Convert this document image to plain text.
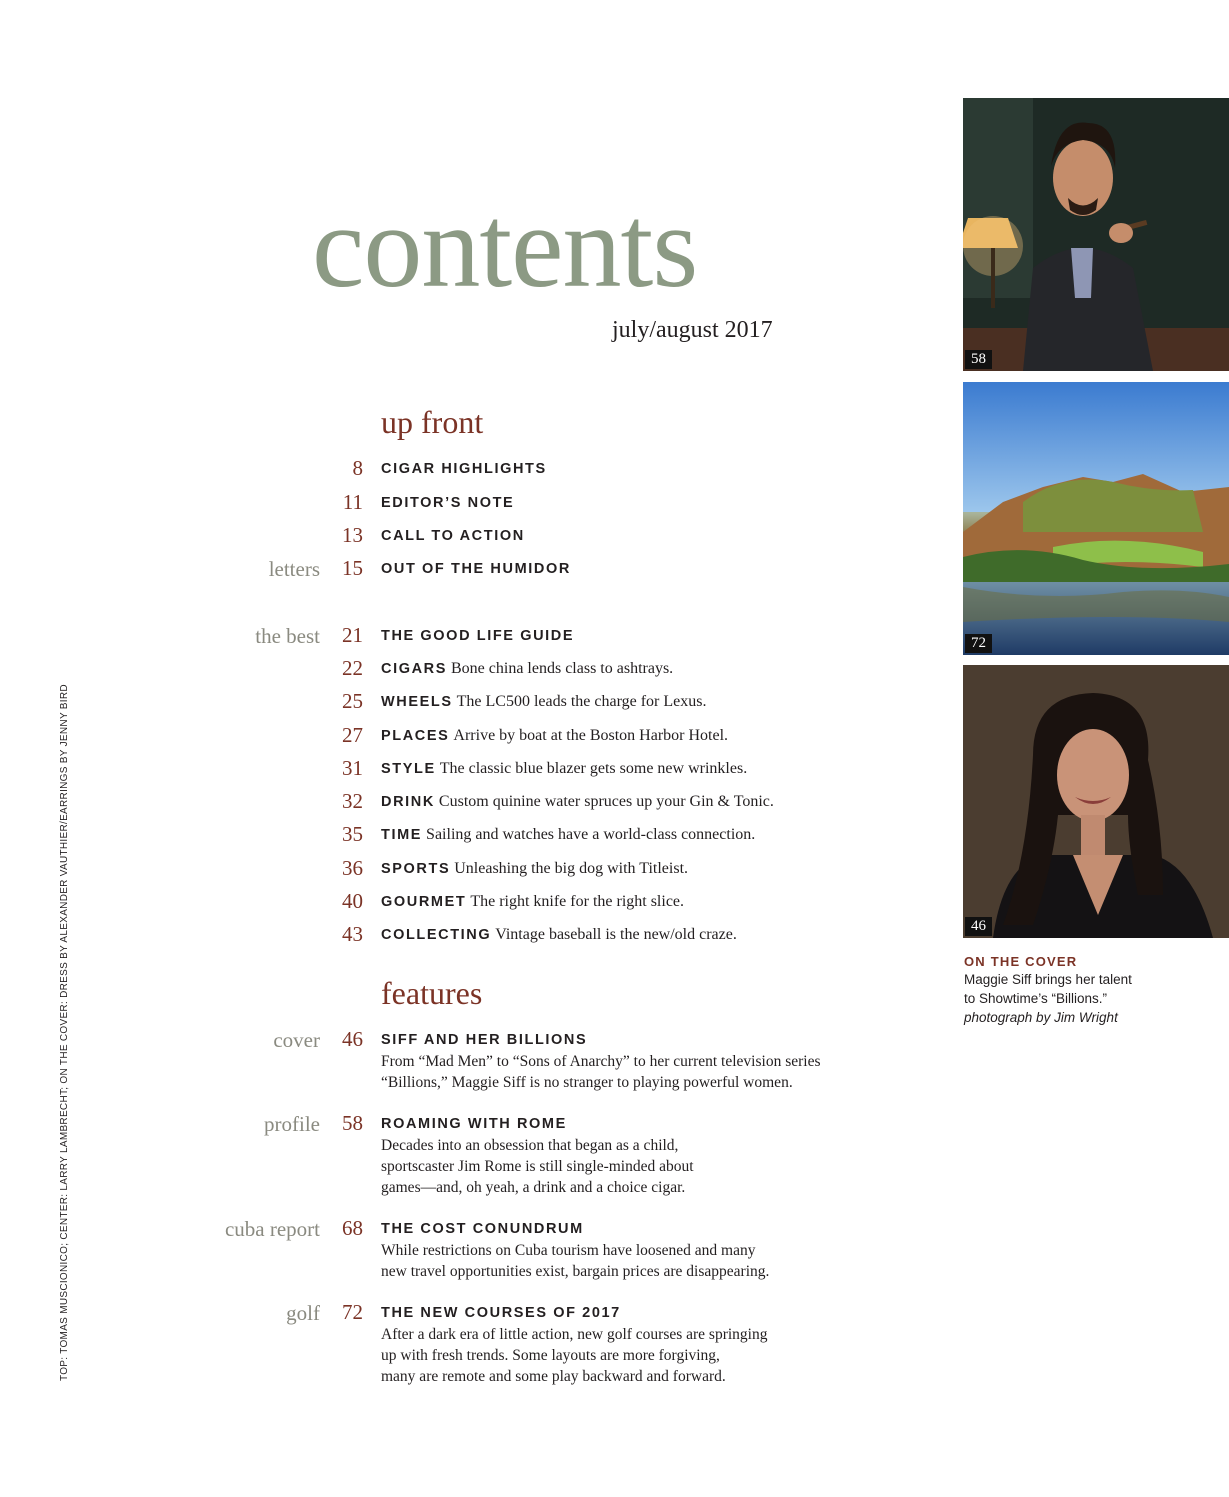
contents
july/august 2017
up front
8 CIGAR HIGHLIGHTS
11 EDITOR’S NOTE
13 CALL TO ACTION
letters 15 OUT OF THE HUMIDOR
the best 21 THE GOOD LIFE GUIDE
22 CIGARS Bone china lends class to ashtrays.
25 WHEELS The LC500 leads the charge for Lexus.
27 PLACES Arrive by boat at the Boston Harbor Hotel.
31 STYLE The classic blue blazer gets some new wrinkles.
32 DRINK Custom quinine water spruces up your Gin & Tonic.
35 TIME Sailing and watches have a world-class connection.
36 SPORTS Unleashing the big dog with Titleist.
40 GOURMET The right knife for the right slice.
43 COLLECTING Vintage baseball is the new/old craze.
features
cover 46 SIFF AND HER BILLIONS
From “Mad Men” to “Sons of Anarchy” to her current television series
“Billions,” Maggie Siff is no stranger to playing powerful women.
profile 58 ROAMING WITH ROME
Decades into an obsession that began as a child,
sportscaster Jim Rome is still single-minded about
games—and, oh yeah, a drink and a choice cigar.
cuba report 68 THE COST CONUNDRUM
While restrictions on Cuba tourism have loosened and many
new travel opportunities exist, bargain prices are disappearing.
golf 72 THE NEW COURSES OF 2017
After a dark era of little action, new golf courses are springing
up with fresh trends. Some layouts are more forgiving,
many are remote and some play backward and forward.
TOP: TOMAS MUSCIONICO; CENTER: LARRY LAMBRECHT; ON THE COVER: DRESS BY ALEXANDER VAUTHIER/EARRINGS BY JENNY BIRD
58
72
46
ON THE COVER
Maggie Siff brings her talent
to Showtime’s “Billions.”
photograph by Jim Wright
